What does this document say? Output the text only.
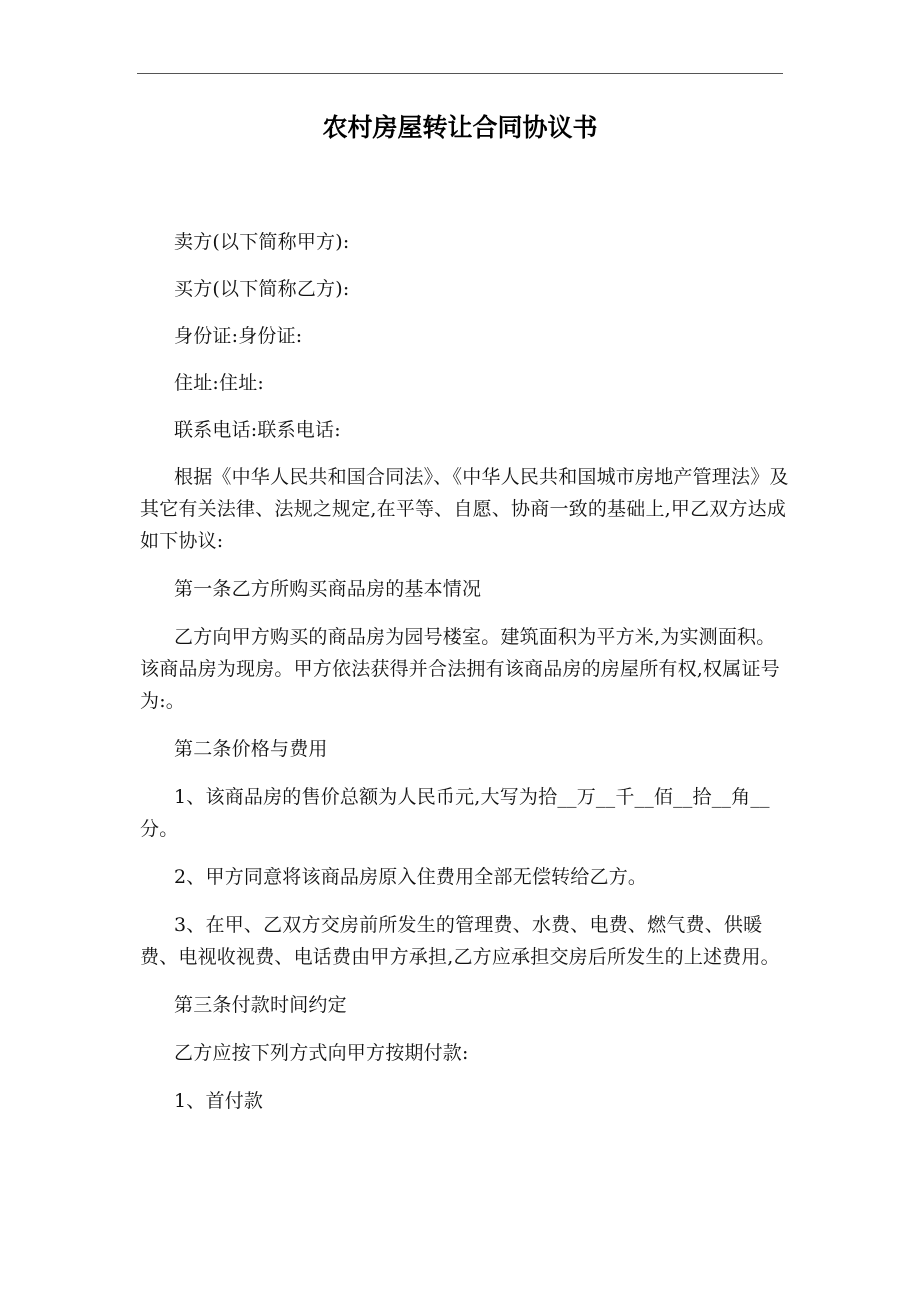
农村房屋转让合同协议书

卖方(以下简称甲方):

买方(以下简称乙方):

身份证:身份证:

住址:住址:

联系电话:联系电话:

根据《中华人民共和国合同法》、《中华人民共和国城市房地产管理法》及其它有关法律、法规之规定,在平等、自愿、协商一致的基础上,甲乙双方达成如下协议:

第一条乙方所购买商品房的基本情况

乙方向甲方购买的商品房为园号楼室。建筑面积为平方米,为实测面积。该商品房为现房。甲方依法获得并合法拥有该商品房的房屋所有权,权属证号为:。

第二条价格与费用

1、该商品房的售价总额为人民币元,大写为拾__万__千__佰__拾__角__分。

2、甲方同意将该商品房原入住费用全部无偿转给乙方。

3、在甲、乙双方交房前所发生的管理费、水费、电费、燃气费、供暖费、电视收视费、电话费由甲方承担,乙方应承担交房后所发生的上述费用。

第三条付款时间约定

乙方应按下列方式向甲方按期付款:

1、首付款
